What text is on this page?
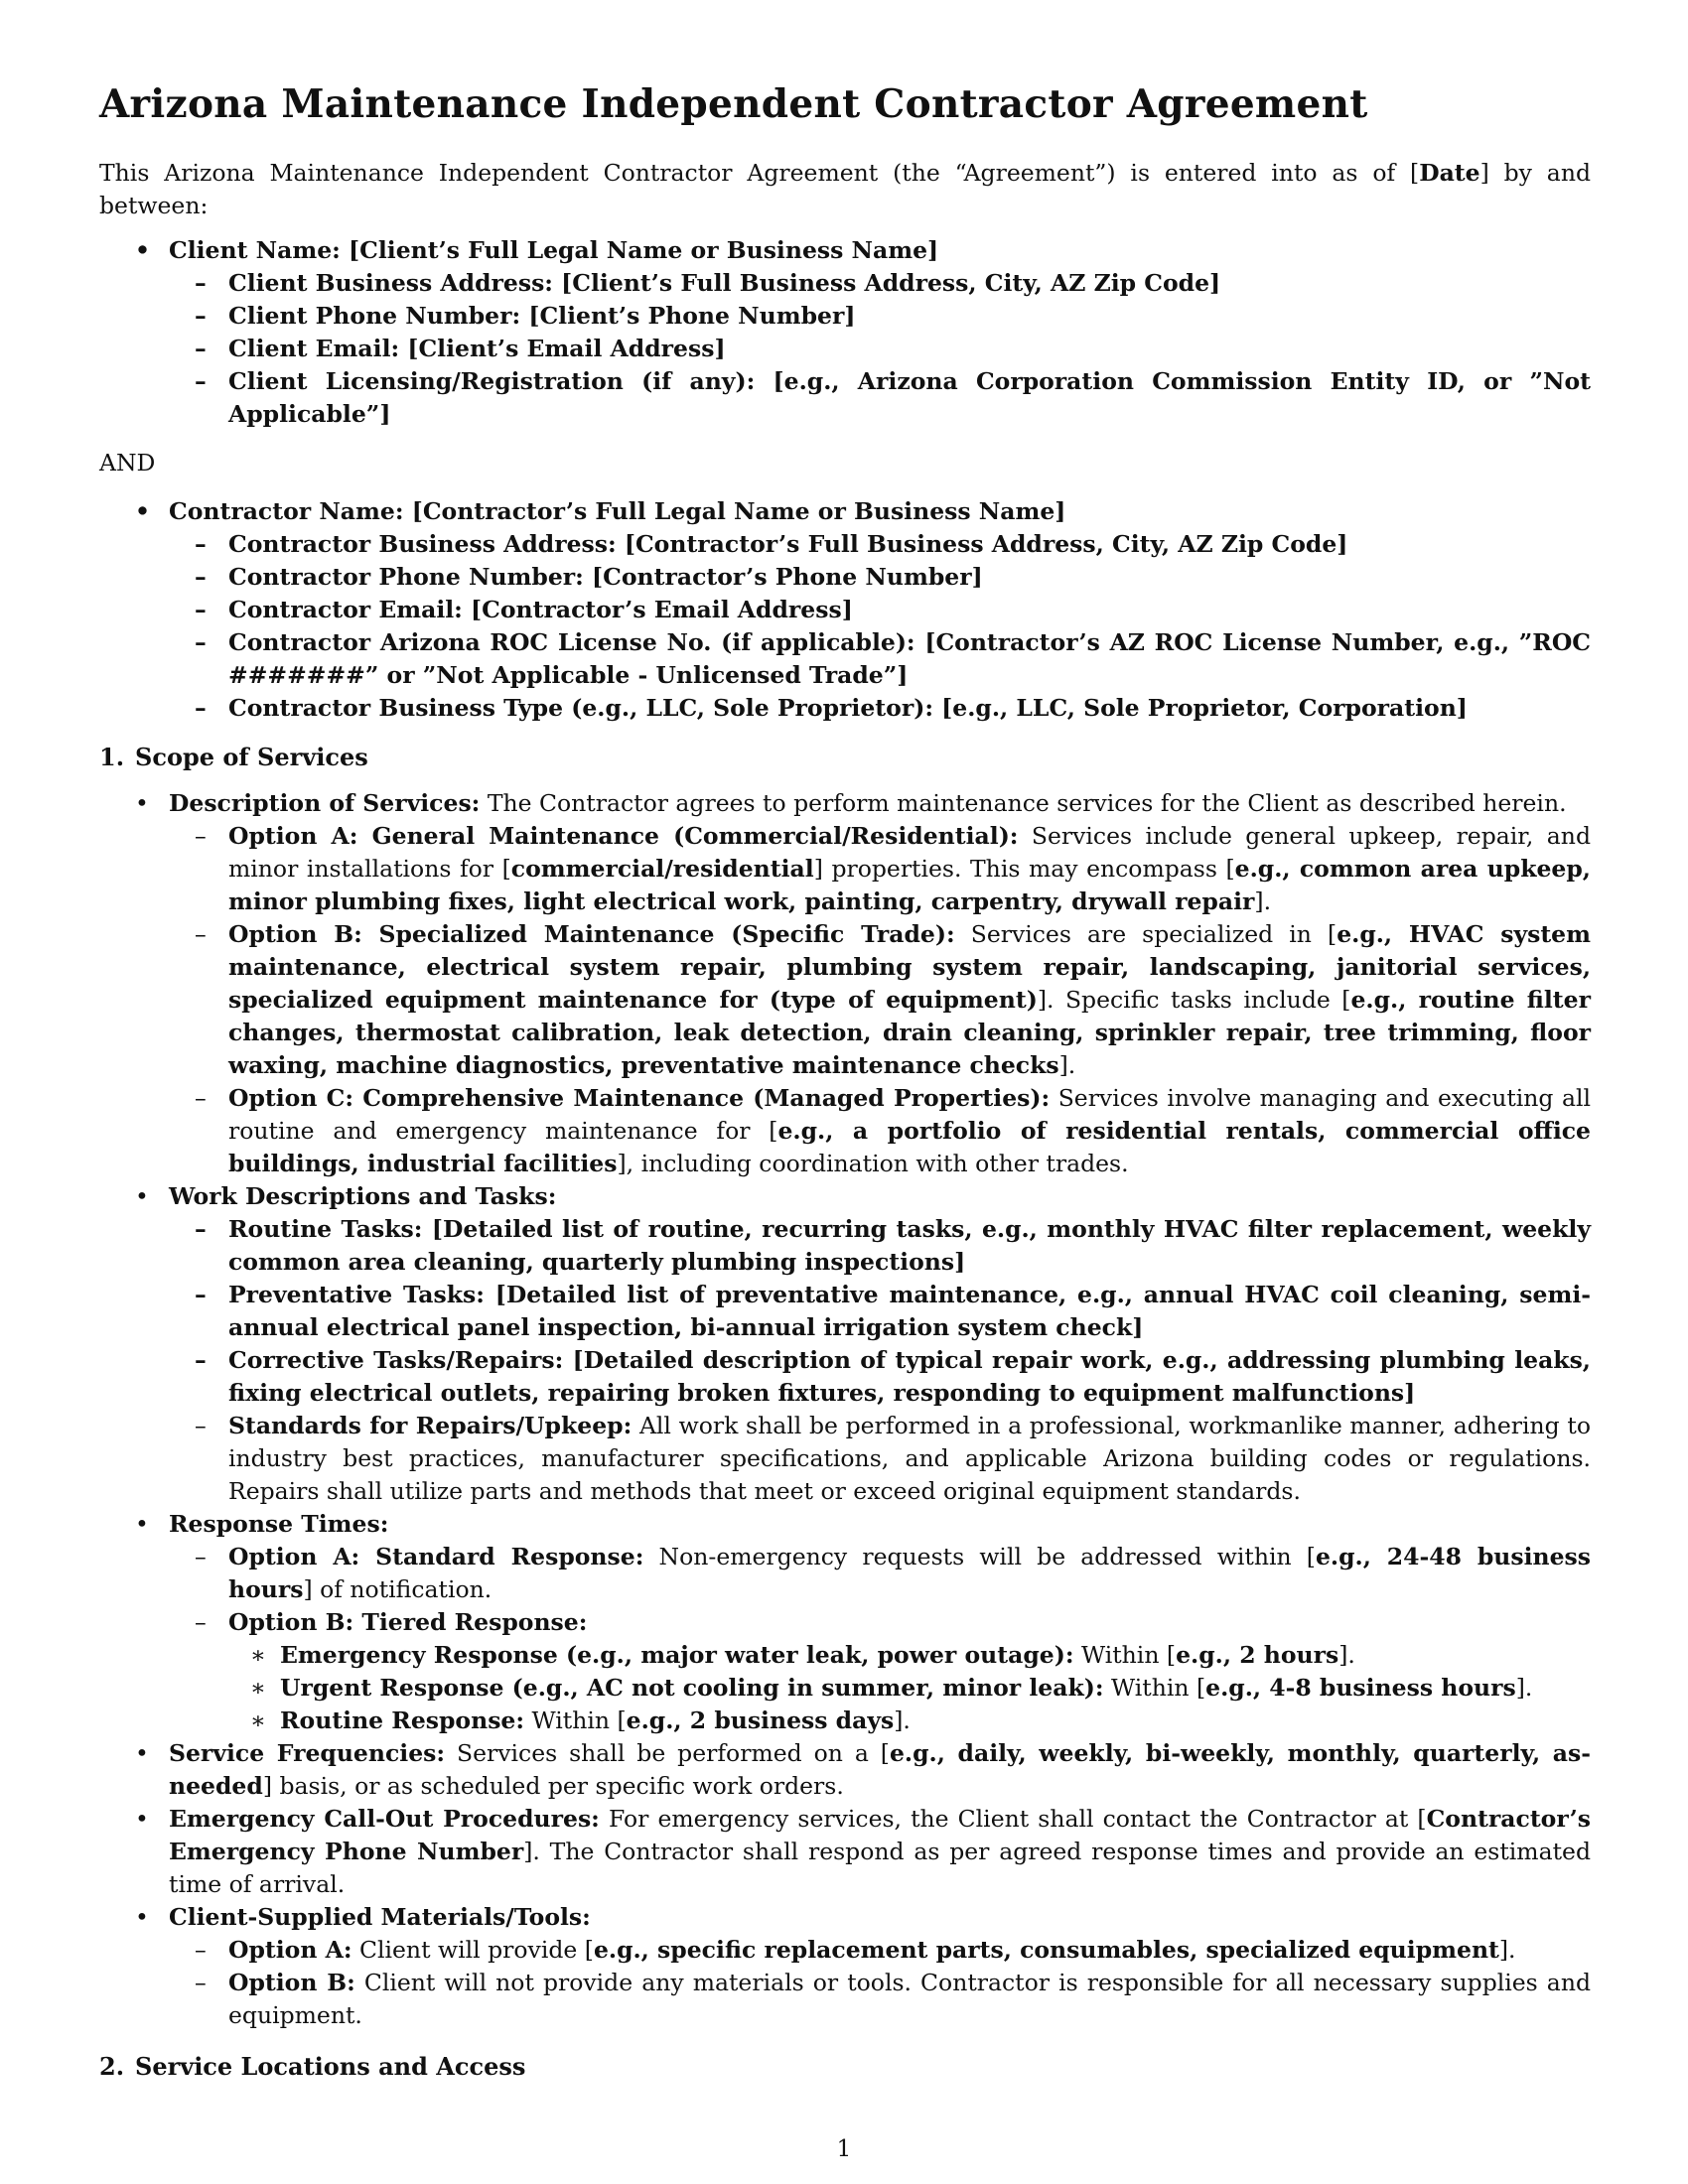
Arizona Maintenance Independent Contractor Agreement

This Arizona Maintenance Independent Contractor Agreement (the “Agreement”) is entered into as of [Date] by and between:

• Client Name: [Client’s Full Legal Name or Business Name]
– Client Business Address: [Client’s Full Business Address, City, AZ Zip Code]
– Client Phone Number: [Client’s Phone Number]
– Client Email: [Client’s Email Address]
– Client Licensing/Registration (if any): [e.g., Arizona Corporation Commission Entity ID, or ”Not Applicable”]

AND

• Contractor Name: [Contractor’s Full Legal Name or Business Name]
– Contractor Business Address: [Contractor’s Full Business Address, City, AZ Zip Code]
– Contractor Phone Number: [Contractor’s Phone Number]
– Contractor Email: [Contractor’s Email Address]
– Contractor Arizona ROC License No. (if applicable): [Contractor’s AZ ROC License Number, e.g., ”ROC #######” or ”Not Applicable - Unlicensed Trade”]
– Contractor Business Type (e.g., LLC, Sole Proprietor): [e.g., LLC, Sole Proprietor, Corporation]
1. Scope of Services
• Description of Services: The Contractor agrees to perform maintenance services for the Client as described herein.
– Option A: General Maintenance (Commercial/Residential): Services include general upkeep, repair, and minor installations for [commercial/residential] properties. This may encompass [e.g., common area upkeep, minor plumbing fixes, light electrical work, painting, carpentry, drywall repair].
– Option B: Specialized Maintenance (Specific Trade): Services are specialized in [e.g., HVAC system maintenance, electrical system repair, plumbing system repair, landscaping, janitorial services, specialized equipment maintenance for (type of equipment)]. Specific tasks include [e.g., routine filter changes, thermostat calibration, leak detection, drain cleaning, sprinkler repair, tree trimming, floor waxing, machine diagnostics, preventative maintenance checks].
– Option C: Comprehensive Maintenance (Managed Properties): Services involve managing and executing all routine and emergency maintenance for [e.g., a portfolio of residential rentals, commercial office buildings, industrial facilities], including coordination with other trades.
• Work Descriptions and Tasks:
– Routine Tasks: [Detailed list of routine, recurring tasks, e.g., monthly HVAC filter replacement, weekly common area cleaning, quarterly plumbing inspections]
– Preventative Tasks: [Detailed list of preventative maintenance, e.g., annual HVAC coil cleaning, semi-annual electrical panel inspection, bi-annual irrigation system check]
– Corrective Tasks/Repairs: [Detailed description of typical repair work, e.g., addressing plumbing leaks, fixing electrical outlets, repairing broken fixtures, responding to equipment malfunctions]
– Standards for Repairs/Upkeep: All work shall be performed in a professional, workmanlike manner, adhering to industry best practices, manufacturer specifications, and applicable Arizona building codes or regulations. Repairs shall utilize parts and methods that meet or exceed original equipment standards.
• Response Times:
– Option A: Standard Response: Non-emergency requests will be addressed within [e.g., 24-48 business hours] of notification.
– Option B: Tiered Response:
∗ Emergency Response (e.g., major water leak, power outage): Within [e.g., 2 hours].
∗ Urgent Response (e.g., AC not cooling in summer, minor leak): Within [e.g., 4-8 business hours].
∗ Routine Response: Within [e.g., 2 business days].
• Service Frequencies: Services shall be performed on a [e.g., daily, weekly, bi-weekly, monthly, quarterly, as-needed] basis, or as scheduled per specific work orders.
• Emergency Call-Out Procedures: For emergency services, the Client shall contact the Contractor at [Contractor’s Emergency Phone Number]. The Contractor shall respond as per agreed response times and provide an estimated time of arrival.
• Client-Supplied Materials/Tools:
– Option A: Client will provide [e.g., specific replacement parts, consumables, specialized equipment].
– Option B: Client will not provide any materials or tools. Contractor is responsible for all necessary supplies and equipment.
2. Service Locations and Access
1
